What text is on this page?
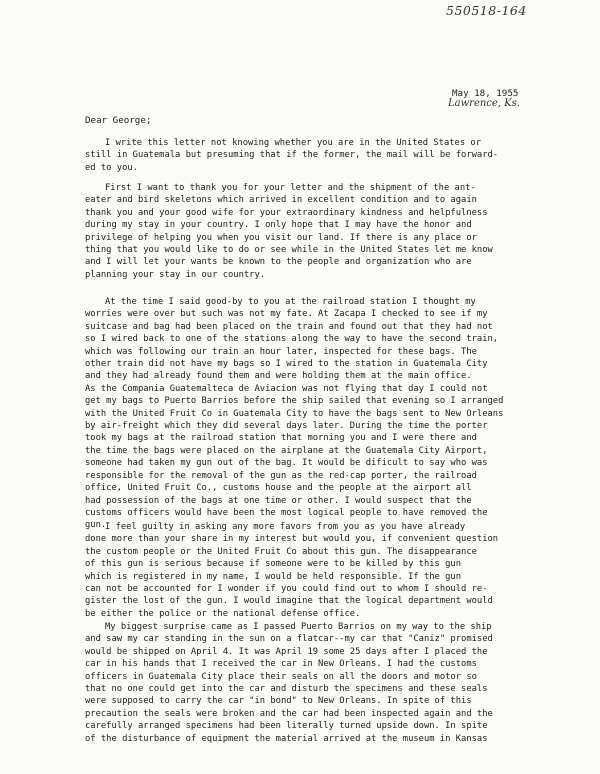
550518-164
May 18, 1955
Lawrence, Ks.
Dear George;
I write this letter not knowing whether you are in the United States or
still in Guatemala but presuming that if the former, the mail will be forward-
ed to you.
First I want to thank you for your letter and the shipment of the ant-
eater and bird skeletons which arrived in excellent condition and to again
thank you and your good wife for your extraordinary kindness and helpfulness
during my stay in your country. I only hope that I may have the honor and
privilege of helping you when you visit our land. If there is any place or
thing that you would like to do or see while in the United States let me know
and I will let your wants be known to the people and organization who are
planning your stay in our country.
At the time I said good-by to you at the railroad station I thought my
worries were over but such was not my fate. At Zacapa I checked to see if my
suitcase and bag had been placed on the train and found out that they had not
so I wired back to one of the stations along the way to have the second train,
which was following our train an hour later, inspected for these bags. The
other train did not have my bags so I wired to the station in Guatemala City
and they had already found them and were holding them at the main office.
As the Compania Guatemalteca de Aviacion was not flying that day I could not
get my bags to Puerto Barrios before the ship sailed that evening so I arranged
with the United Fruit Co in Guatemala City to have the bags sent to New Orleans
by air-freight which they did several days later. During the time the porter
took my bags at the railroad station that morning you and I were there and
the time the bags were placed on the airplane at the Guatemala City Airport,
someone had taken my gun out of the bag. It would be dificult to say who was
responsible for the removal of the gun as the red-cap porter, the railroad
office, United Fruit Co., customs house and the people at the airport all
had possession of the bags at one time or other. I would suspect that the
customs officers would have been the most logical people to have removed the
gun.
I feel guilty in asking any more favors from you as you have already
done more than your share in my interest but would you, if convenient question
the custom people or the United Fruit Co about this gun. The disappearance
of this gun is serious because if someone were to be killed by this gun
which is registered in my name, I would be held responsible. If the gun
can not be accounted for I wonder if you could find out to whom I should re-
gister the lost of the gun. I would imagine that the logical department would
be either the police or the national defense office.
My biggest surprise came as I passed Puerto Barrios on my way to the ship
and saw my car standing in the sun on a flatcar--my car that "Caniz" promised
would be shipped on April 4. It was April 19 some 25 days after I placed the
car in his hands that I received the car in New Orleans. I had the customs
officers in Guatemala City place their seals on all the doors and motor so
that no one could get into the car and disturb the specimens and these seals
were supposed to carry the car "in bond" to New Orleans. In spite of this
precaution the seals were broken and the car had been inspected again and the
carefully arranged specimens had been literally turned upside down. In spite
of the disturbance of equipment the material arrived at the museum in Kansas
